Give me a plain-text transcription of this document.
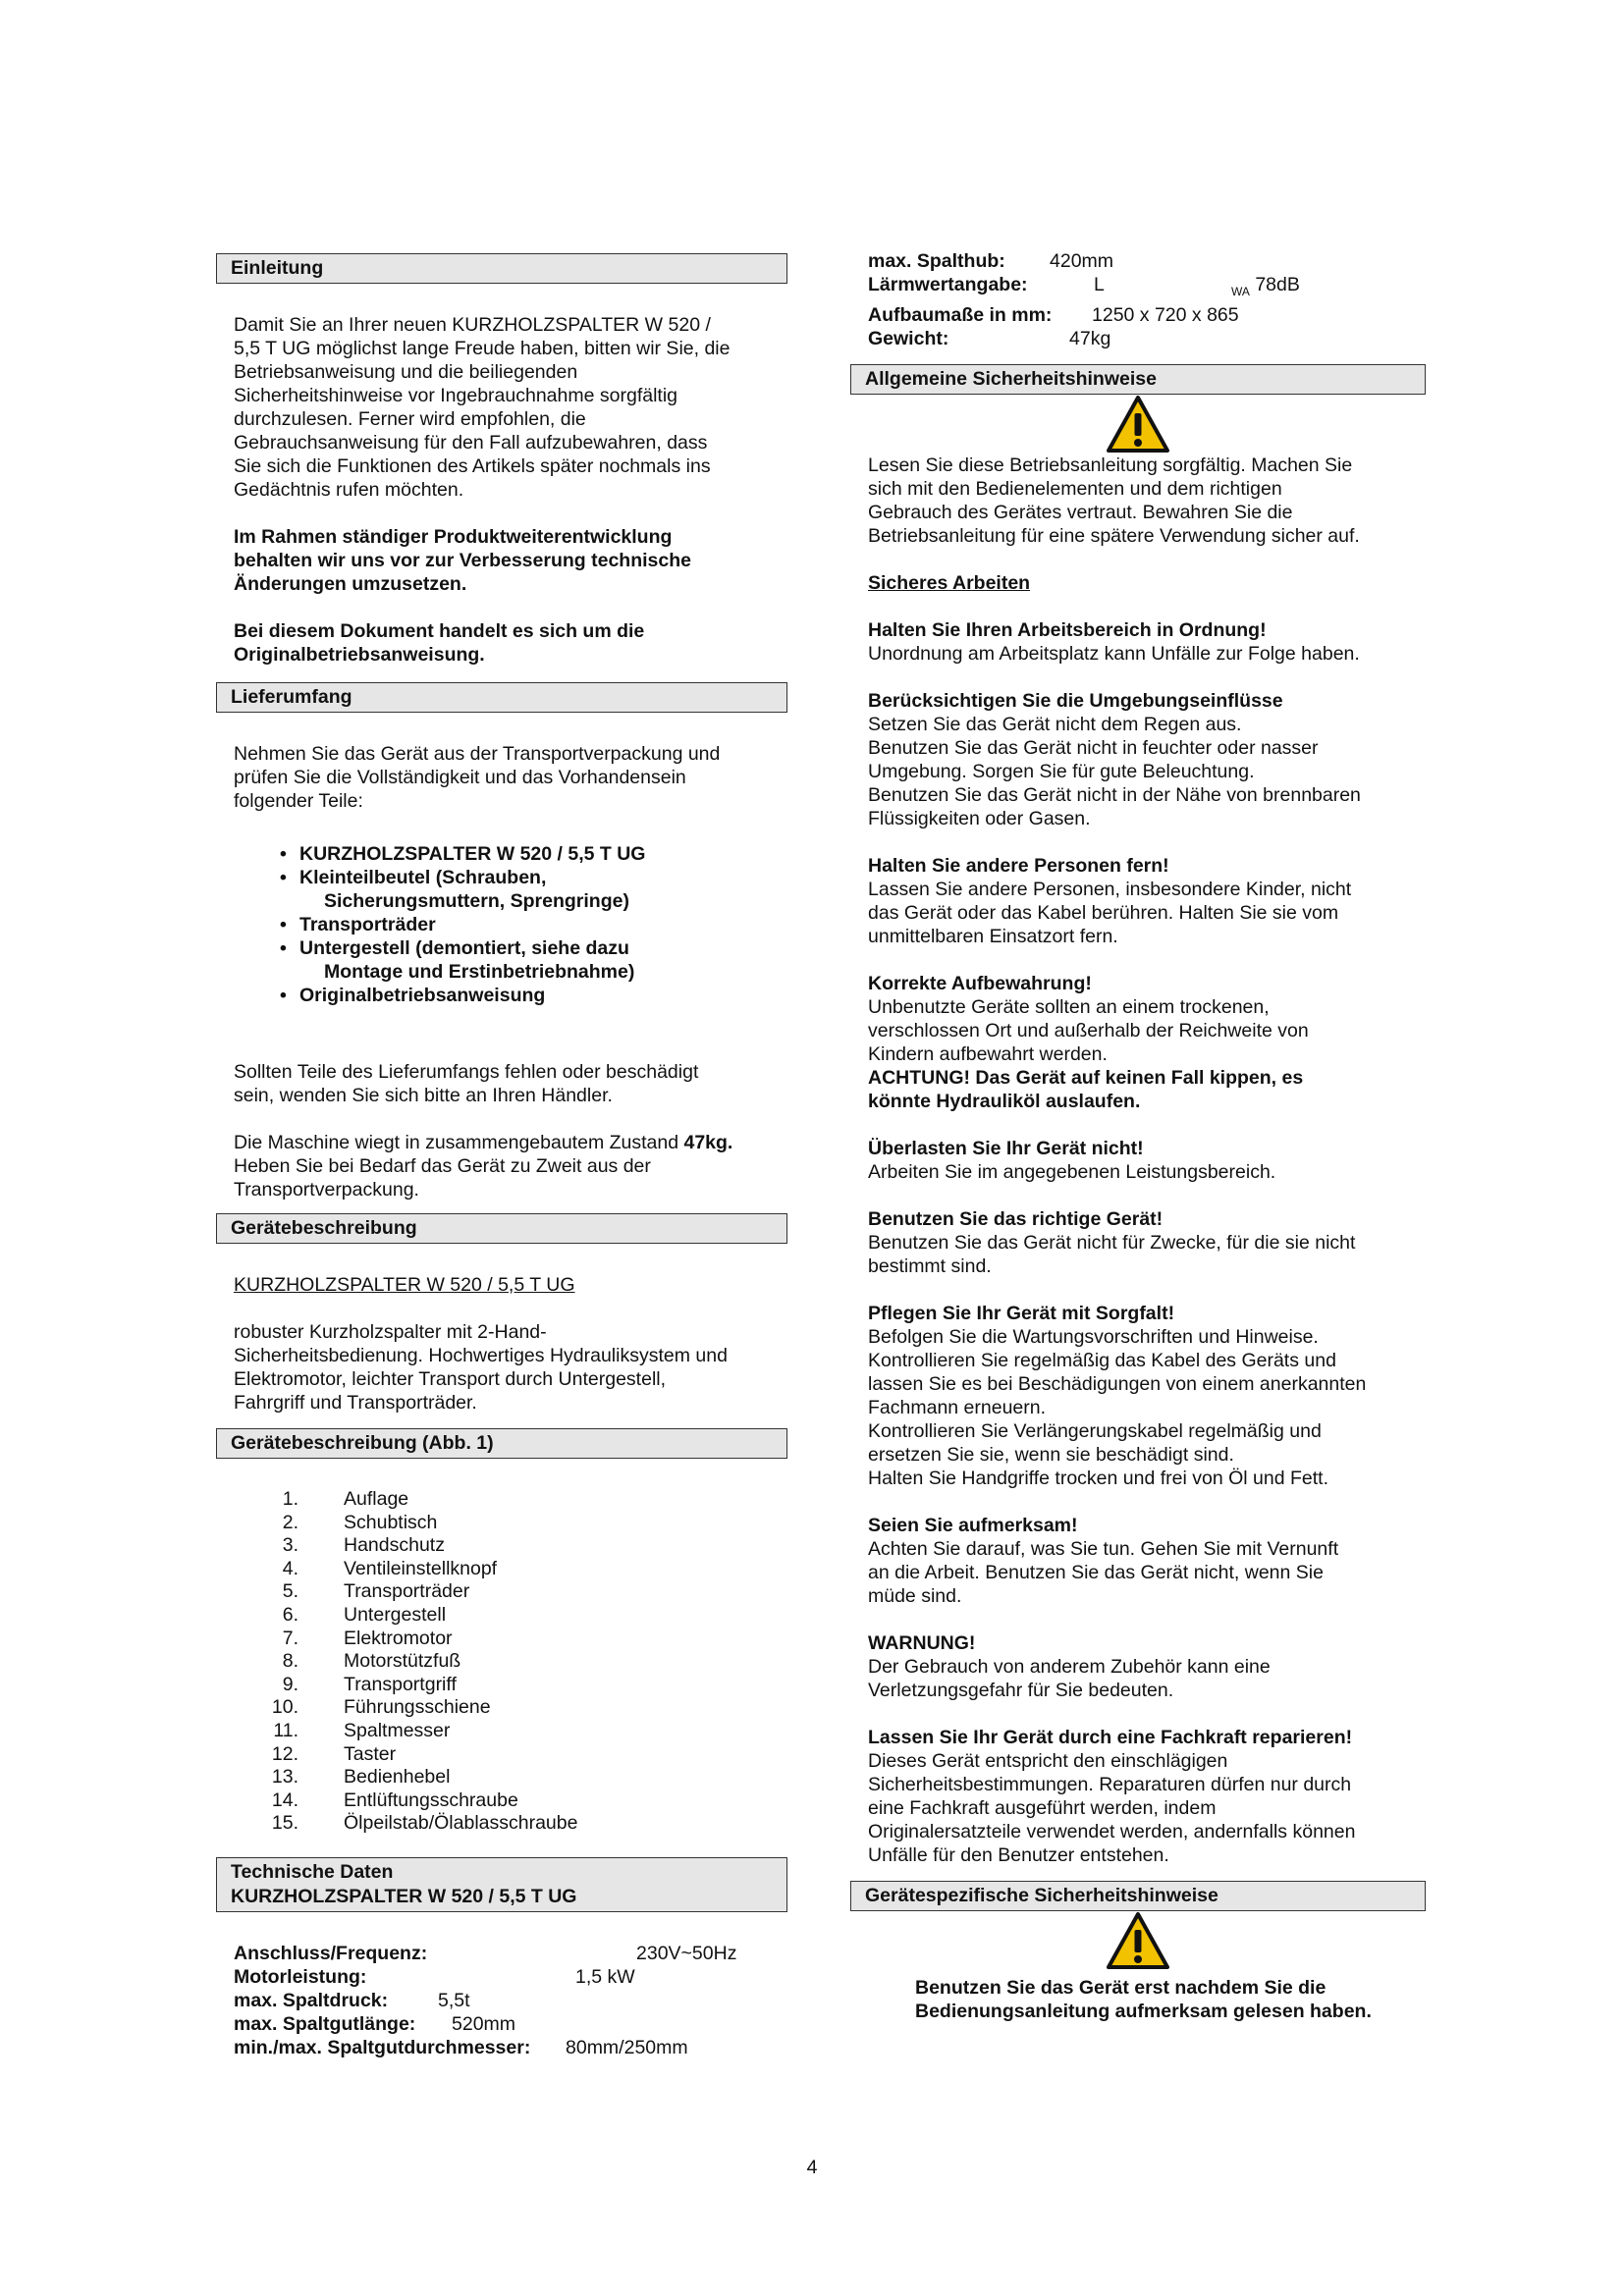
Einleitung
Damit Sie an Ihrer neuen KURZHOLZSPALTER W 520 /
5,5 T UG möglichst lange Freude haben, bitten wir Sie, die
Betriebsanweisung und die beiliegenden
Sicherheitshinweise vor Ingebrauchnahme sorgfältig
durchzulesen. Ferner wird empfohlen, die
Gebrauchsanweisung für den Fall aufzubewahren, dass
Sie sich die Funktionen des Artikels später nochmals ins
Gedächtnis rufen möchten.
Im Rahmen ständiger Produktweiterentwicklung
behalten wir uns vor zur Verbesserung technische
Änderungen umzusetzen.
Bei diesem Dokument handelt es sich um die
Originalbetriebsanweisung.
Lieferumfang
Nehmen Sie das Gerät aus der Transportverpackung und
prüfen Sie die Vollständigkeit und das Vorhandensein
folgender Teile:
• KURZHOLZSPALTER W 520 / 5,5 T UG
• Kleinteilbeutel (Schrauben,
Sicherungsmuttern, Sprengringe)
• Transporträder
• Untergestell (demontiert, siehe dazu
Montage und Erstinbetriebnahme)
• Originalbetriebsanweisung
Sollten Teile des Lieferumfangs fehlen oder beschädigt
sein, wenden Sie sich bitte an Ihren Händler.
Die Maschine wiegt in zusammengebautem Zustand 47kg.
Heben Sie bei Bedarf das Gerät zu Zweit aus der
Transportverpackung.
Gerätebeschreibung
KURZHOLZSPALTER W 520 / 5,5 T UG
robuster Kurzholzspalter mit 2-Hand-
Sicherheitsbedienung. Hochwertiges Hydrauliksystem und
Elektromotor, leichter Transport durch Untergestell,
Fahrgriff und Transporträder.
Gerätebeschreibung (Abb. 1)
1.	Auflage
2.	Schubtisch
3.	Handschutz
4.	Ventileinstellknopf
5.	Transporträder
6.	Untergestell
7.	Elektromotor
8.	Motorstützfuß
9.	Transportgriff
10.	Führungsschiene
11.	Spaltmesser
12.	Taster
13.	Bedienhebel
14.	Entlüftungsschraube
15.	Ölpeilstab/Ölablasschraube
Technische Daten
KURZHOLZSPALTER W 520 / 5,5 T UG
Anschluss/Frequenz:	230V~50Hz
Motorleistung:	1,5 kW
max. Spaltdruck:	5,5t
max. Spaltgutlänge:	520mm
min./max. Spaltgutdurchmesser:	80mm/250mm
max. Spalthub:	420mm
Lärmwertangabe:	L	$_{WA}$ 78dB
Aufbaumaße in mm:	1250 x 720 x 865
Gewicht:	47kg
Allgemeine Sicherheitshinweise
Lesen Sie diese Betriebsanleitung sorgfältig. Machen Sie
sich mit den Bedienelementen und dem richtigen
Gebrauch des Gerätes vertraut. Bewahren Sie die
Betriebsanleitung für eine spätere Verwendung sicher auf.
Sicheres Arbeiten
Halten Sie Ihren Arbeitsbereich in Ordnung!
Unordnung am Arbeitsplatz kann Unfälle zur Folge haben.
Berücksichtigen Sie die Umgebungseinflüsse
Setzen Sie das Gerät nicht dem Regen aus.
Benutzen Sie das Gerät nicht in feuchter oder nasser
Umgebung. Sorgen Sie für gute Beleuchtung.
Benutzen Sie das Gerät nicht in der Nähe von brennbaren
Flüssigkeiten oder Gasen.
Halten Sie andere Personen fern!
Lassen Sie andere Personen, insbesondere Kinder, nicht
das Gerät oder das Kabel berühren. Halten Sie sie vom
unmittelbaren Einsatzort fern.
Korrekte Aufbewahrung!
Unbenutzte Geräte sollten an einem trockenen,
verschlossen Ort und außerhalb der Reichweite von
Kindern aufbewahrt werden.
ACHTUNG! Das Gerät auf keinen Fall kippen, es
könnte Hydrauliköl auslaufen.
Überlasten Sie Ihr Gerät nicht!
Arbeiten Sie im angegebenen Leistungsbereich.
Benutzen Sie das richtige Gerät!
Benutzen Sie das Gerät nicht für Zwecke, für die sie nicht
bestimmt sind.
Pflegen Sie Ihr Gerät mit Sorgfalt!
Befolgen Sie die Wartungsvorschriften und Hinweise.
Kontrollieren Sie regelmäßig das Kabel des Geräts und
lassen Sie es bei Beschädigungen von einem anerkannten
Fachmann erneuern.
Kontrollieren Sie Verlängerungskabel regelmäßig und
ersetzen Sie sie, wenn sie beschädigt sind.
Halten Sie Handgriffe trocken und frei von Öl und Fett.
Seien Sie aufmerksam!
Achten Sie darauf, was Sie tun. Gehen Sie mit Vernunft
an die Arbeit. Benutzen Sie das Gerät nicht, wenn Sie
müde sind.
WARNUNG!
Der Gebrauch von anderem Zubehör kann eine
Verletzungsgefahr für Sie bedeuten.
Lassen Sie Ihr Gerät durch eine Fachkraft reparieren!
Dieses Gerät entspricht den einschlägigen
Sicherheitsbestimmungen. Reparaturen dürfen nur durch
eine Fachkraft ausgeführt werden, indem
Originalersatzteile verwendet werden, andernfalls können
Unfälle für den Benutzer entstehen.
Gerätespezifische Sicherheitshinweise
Benutzen Sie das Gerät erst nachdem Sie die
Bedienungsanleitung aufmerksam gelesen haben.
4
